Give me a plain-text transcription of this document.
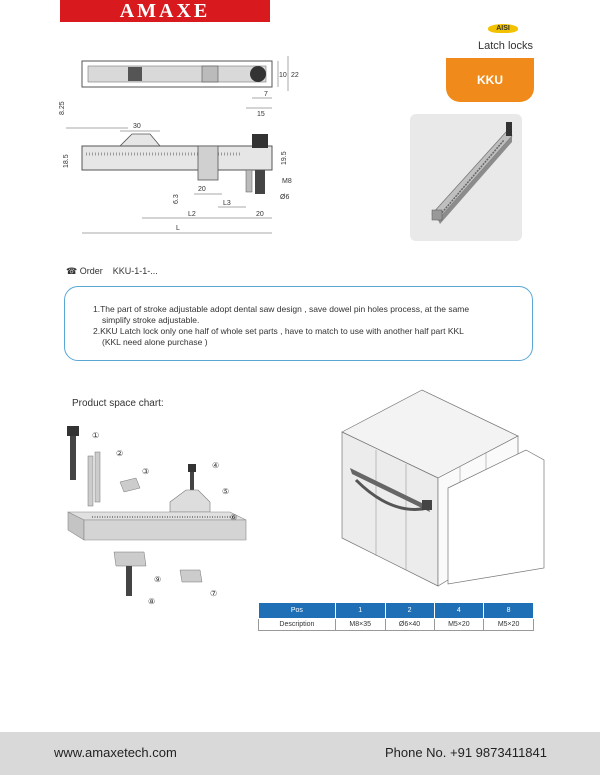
AMAXE
AISI
Latch locks
KKU
10 22
7
15
8.25
30
18.5	19.5
M8
Ø6
6.3
20
L3
20
L2
L
☎ Order KKU-1-1-...

1.The part of stroke adjustable adopt dental saw design , save dowel pin holes process, at the same

simplify stroke adjustable.

2.KKU Latch lock only one half of whole set parts , have to match to use with another half part KKL

(KKL need alone purchase )

Product space chart:
①
②
③
④
⑤
⑥
⑦
⑧
⑨
Pos	1	2	4	8
Description	M8×35	Ø6×40	M5×20	M5×20
www.amaxetech.com	Phone No. +91 9873411841
